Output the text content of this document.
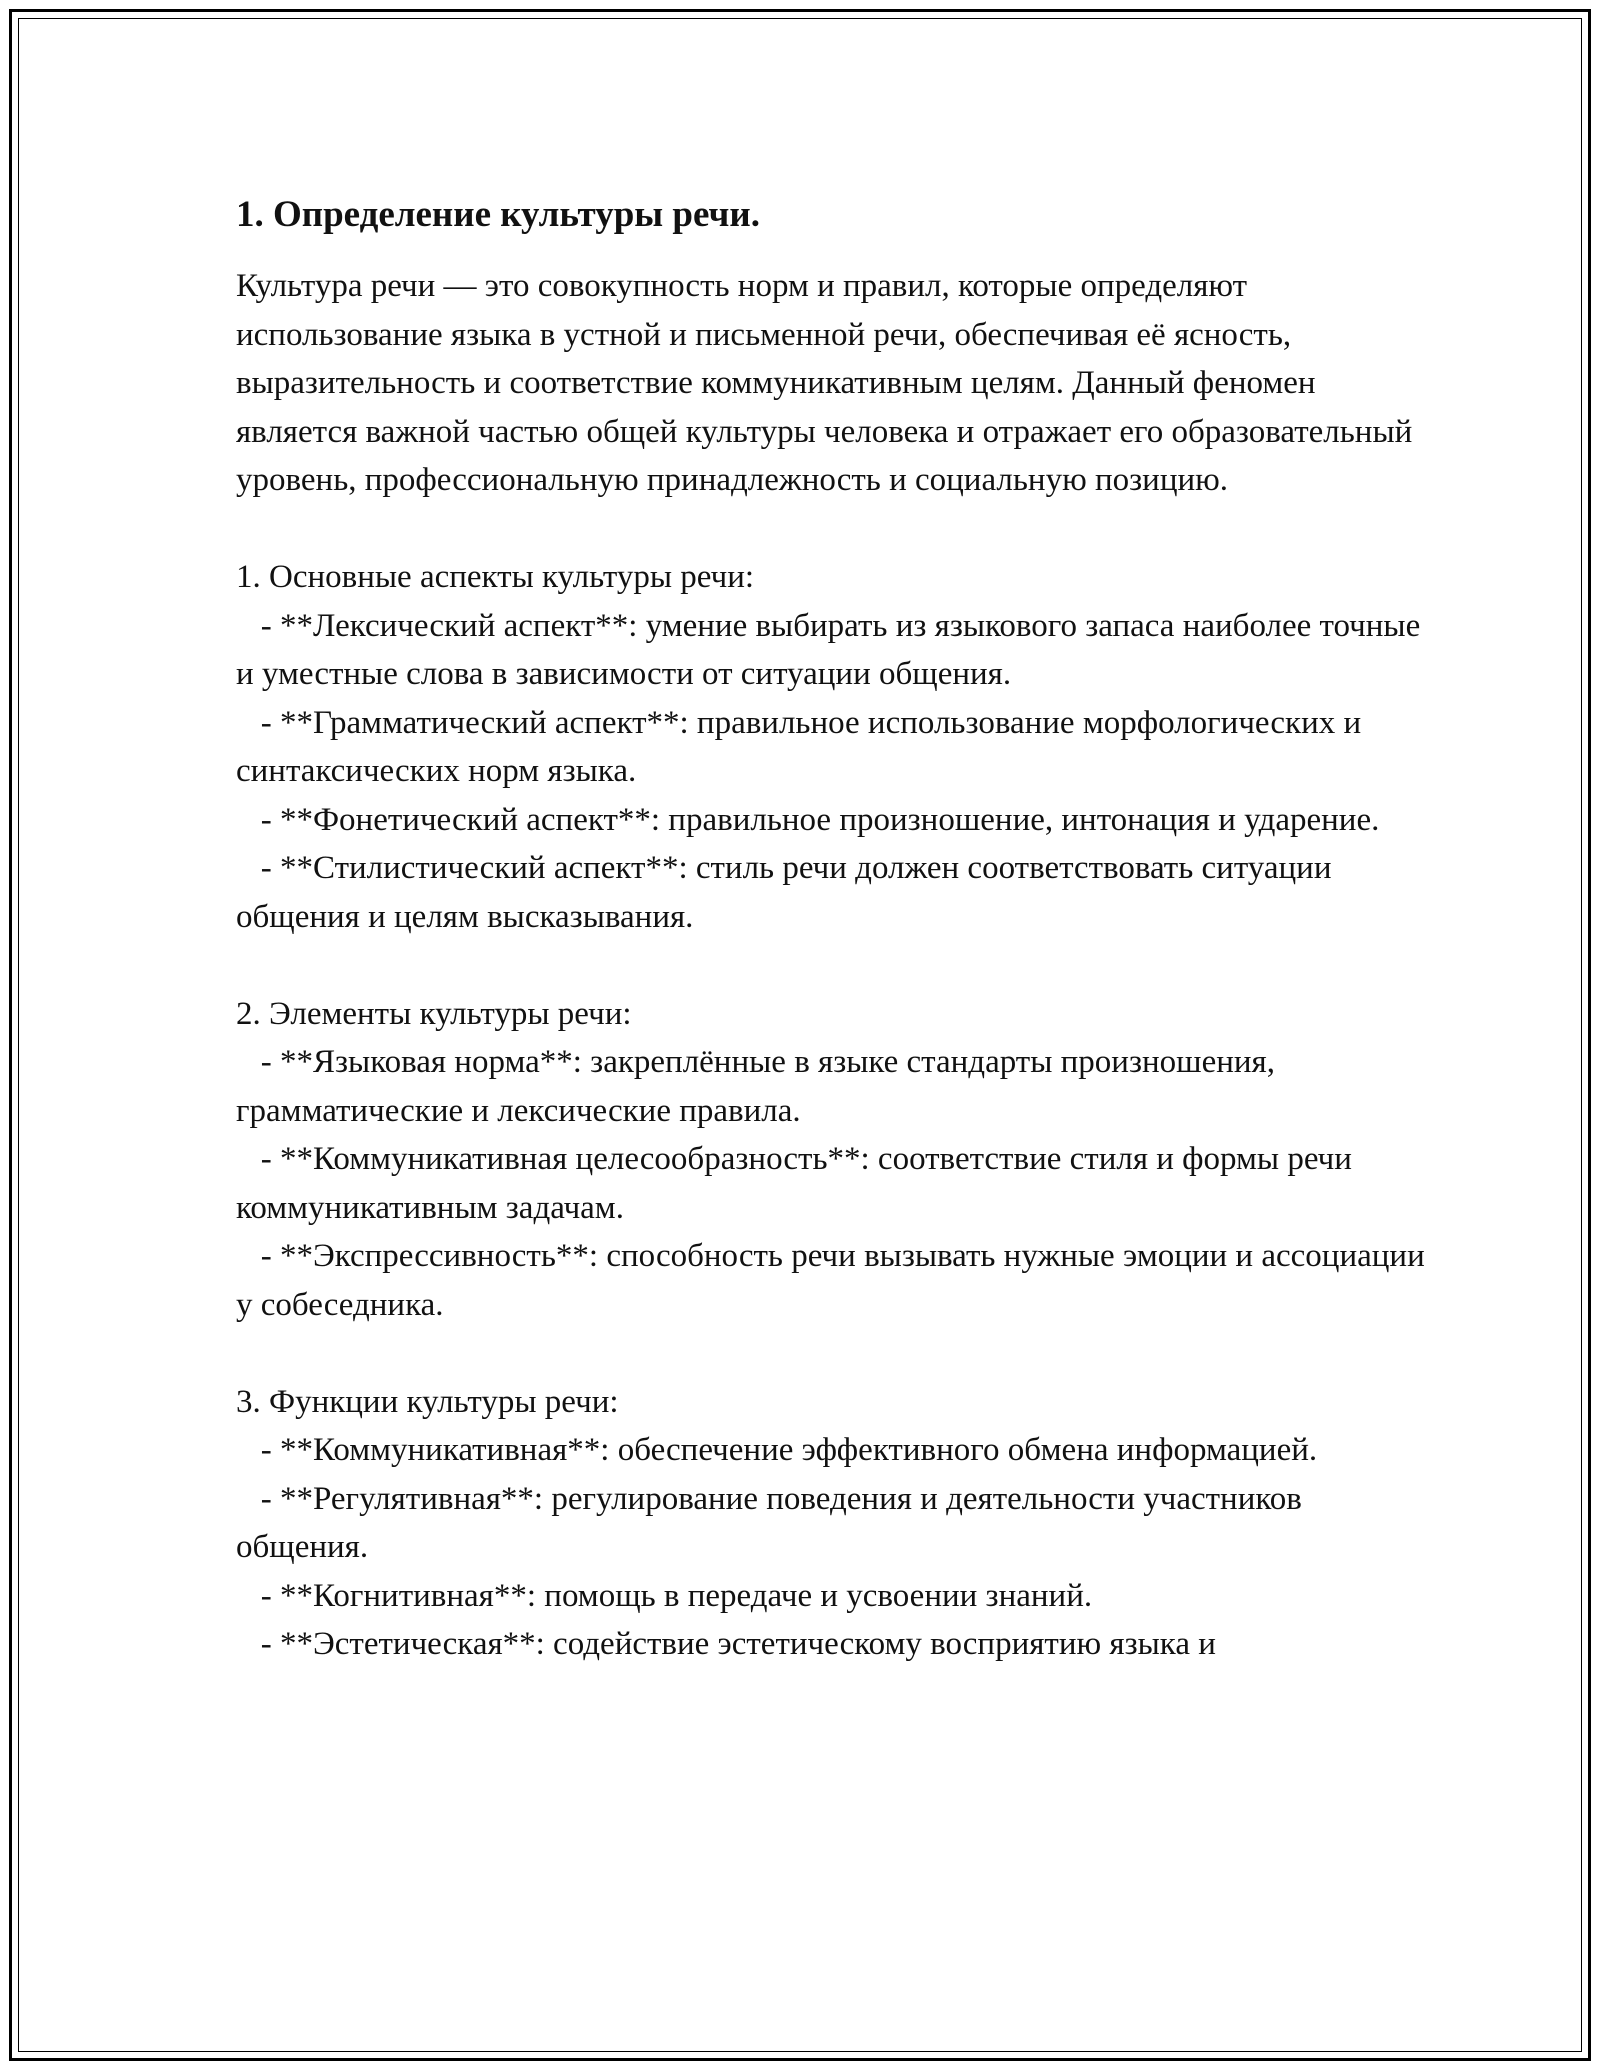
1. Определение культуры речи.

Культура речи — это совокупность норм и правил, которые определяют использование языка в устной и письменной речи, обеспечивая её ясность, выразительность и соответствие коммуникативным целям. Данный феномен является важной частью общей культуры человека и отражает его образовательный уровень, профессиональную принадлежность и социальную позицию.

1. Основные аспекты культуры речи:

- **Лексический аспект**: умение выбирать из языкового запаса наиболее точные и уместные слова в зависимости от ситуации общения.

- **Грамматический аспект**: правильное использование морфологических и синтаксических норм языка.

- **Фонетический аспект**: правильное произношение, интонация и ударение.

- **Стилистический аспект**: стиль речи должен соответствовать ситуации общения и целям высказывания.

2. Элементы культуры речи:

- **Языковая норма**: закреплённые в языке стандарты произношения, грамматические и лексические правила.

- **Коммуникативная целесообразность**: соответствие стиля и формы речи коммуникативным задачам.

- **Экспрессивность**: способность речи вызывать нужные эмоции и ассоциации у собеседника.

3. Функции культуры речи:

- **Коммуникативная**: обеспечение эффективного обмена информацией.

- **Регулятивная**: регулирование поведения и деятельности участников общения.

- **Когнитивная**: помощь в передаче и усвоении знаний.

- **Эстетическая**: содействие эстетическому восприятию языка и
